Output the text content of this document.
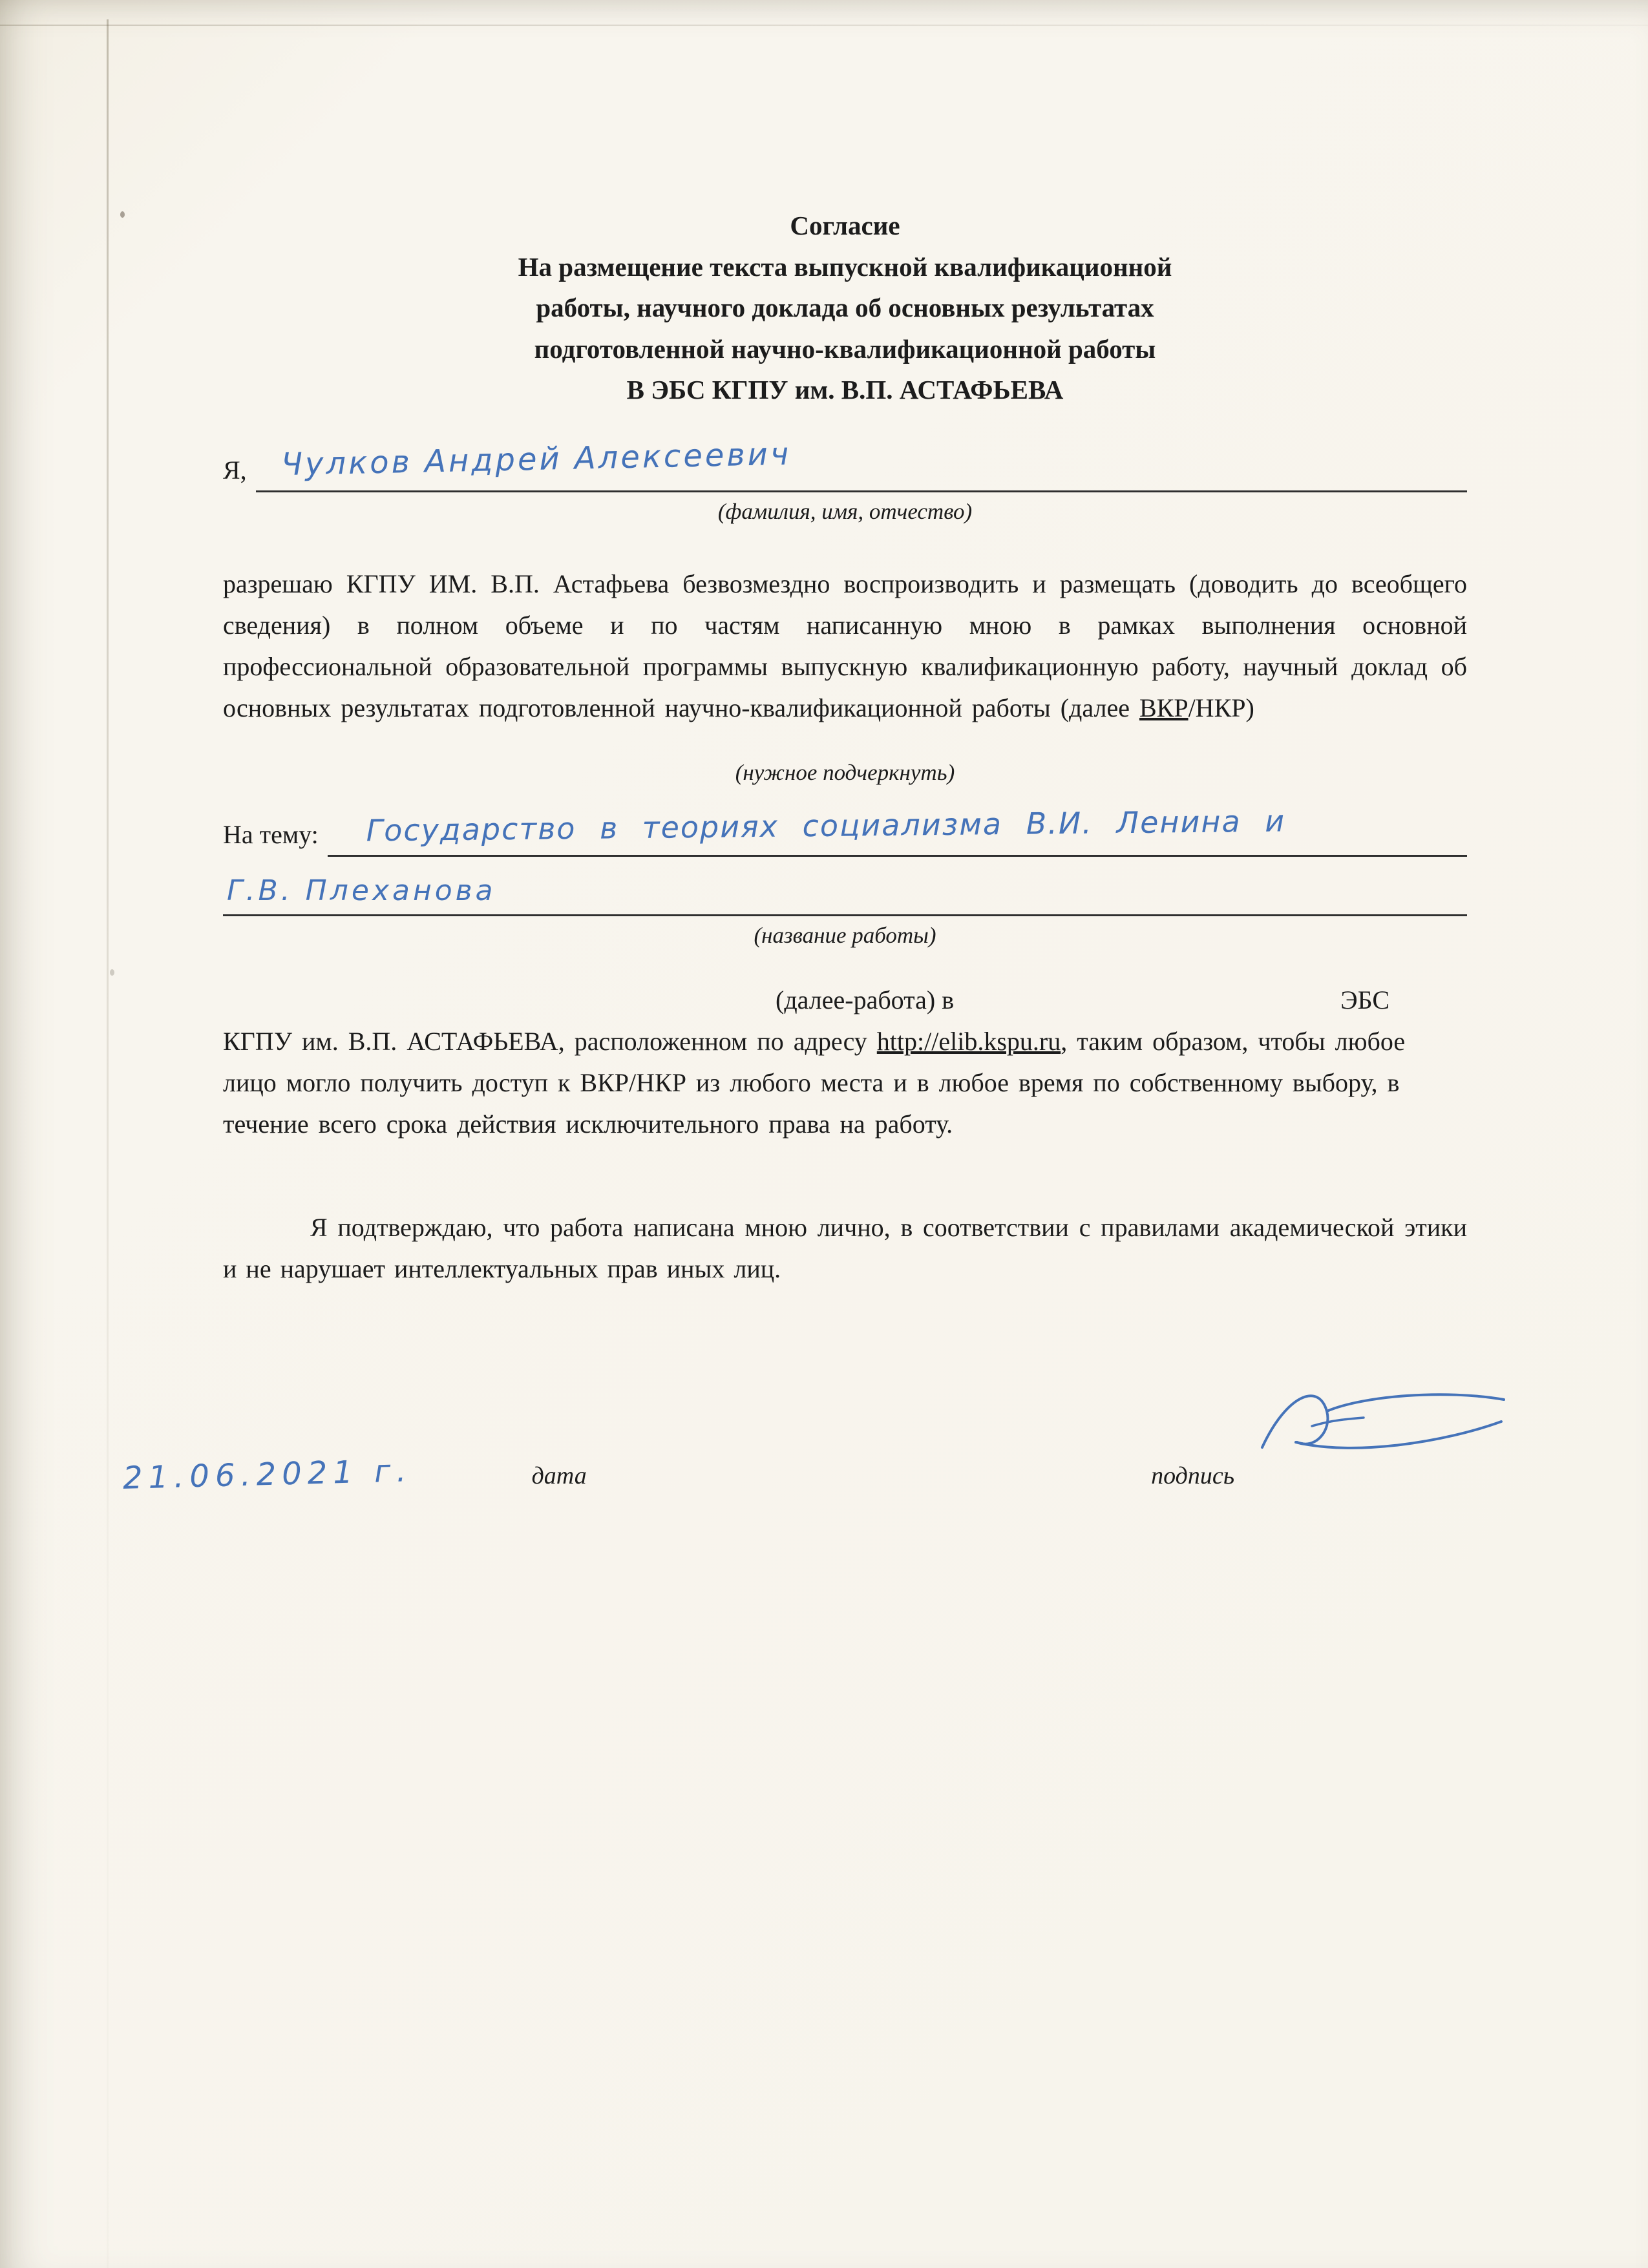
Согласие
На размещение текста выпускной квалификационной
работы, научного доклада об основных результатах
подготовленной научно-квалификационной работы
В ЭБС КГПУ им. В.П. АСТАФЬЕВА
Я,	Чулков Андрей Алексеевич
(фамилия, имя, отчество)

разрешаю КГПУ ИМ. В.П. Астафьева безвозмездно воспроизводить и размещать (доводить до всеобщего сведения) в полном объеме и по частям написанную мною в рамках выполнения основной профессиональной образовательной программы выпускную квалификационную работу, научный доклад об основных результатах подготовленной научно-квалификационной работы (далее ВКР/НКР)

(нужное подчеркнуть)
На тему:	Государство в теориях социализма В.И. Ленина и
Г.В. Плеханова
(название работы)
(далее-работа) в	ЭБС

КГПУ им. В.П. АСТАФЬЕВА, расположенном по адресу http://elib.kspu.ru, таким образом, чтобы любое лицо могло получить доступ к ВКР/НКР из любого места и в любое время по собственному выбору, в течение всего срока действия исключительного права на работу.

Я подтверждаю, что работа написана мною лично, в соответствии с правилами академической этики и не нарушает интеллектуальных прав иных лиц.

21.06.2021 г.	дата	подпись
